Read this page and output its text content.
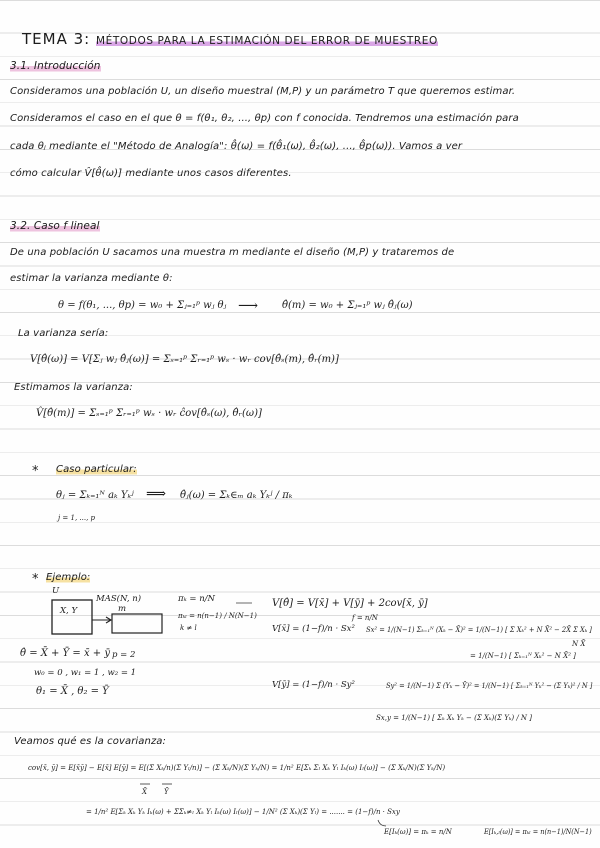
TEMA 3: MÉTODOS PARA LA ESTIMACIÓN DEL ERROR DE MUESTREO
3.1. Introducción
Consideramos una población U, un diseño muestral (M,P) y un parámetro T que queremos estimar.
Consideramos el caso en el que θ = f(θ₁, θ₂, ..., θp) con f conocida. Tendremos una estimación para
cada θⱼ mediante el "Método de Analogía": θ̂(ω) = f(θ̂₁(ω), θ̂₂(ω), ..., θ̂p(ω)). Vamos a ver
cómo calcular V̂[θ̂(ω)] mediante unos casos diferentes.
3.2. Caso f lineal
De una población U sacamos una muestra m mediante el diseño (M,P) y trataremos de
estimar la varianza mediante θ:
θ = f(θ₁, ..., θp) = w₀ + Σⱼ₌₁ᵖ wⱼ θⱼ ⟶ θ̂(m) = w₀ + Σⱼ₌₁ᵖ wⱼ θ̂ⱼ(ω)
La varianza sería:
V[θ̂(ω)] = V[Σⱼ wⱼ θ̂ⱼ(ω)] = Σₛ₌₁ᵖ Σᵣ₌₁ᵖ wₛ · wᵣ cov[θ̂ₛ(m), θ̂ᵣ(m)]
Estimamos la varianza:
V̂[θ̂(m)] = Σₛ₌₁ᵖ Σᵣ₌₁ᵖ wₛ · wᵣ ĉov[θ̂ₛ(ω), θ̂ᵣ(ω)]
* Caso particular:
θⱼ = Σₖ₌₁ᴺ aₖ Yₖʲ
j = 1, ..., p
⟹ θ̂ⱼ(ω) = Σₖ∈ₘ aₖ Yₖʲ / πₖ
* Ejemplo:
U
X, Y
MAS(N, n)
m
πₖ = n/N
πₖₗ = n(n−1) / N(N−1)
k ≠ l
θ̂ = X̄ + Ȳ = x̄ + ȳ p = 2
w₀ = 0 , w₁ = 1 , w₂ = 1
θ₁ = X̄ , θ₂ = Ȳ
V[θ̂] = V[x̄] + V[ȳ] + 2cov[x̄, ȳ]
V[x̄] = (1−f)/n · Sx²
f = n/N
Sx² = 1/(N−1) Σₖ₌₁ᴺ (Xₖ − X̄)² = 1/(N−1) [ Σ Xₖ² + N X̄² − 2X̄ Σ Xₖ ]
= 1/(N−1) [ Σₖ₌₁ᴺ Xₖ² − N X̄² ]
N X̄
V[ȳ] = (1−f)/n · Sy²	Sy² = 1/(N−1) Σ (Yₖ − Ȳ)² = 1/(N−1) [ Σₖ₌₁ᴺ Yₖ² − (Σ Yₖ)² / N ]
Sx,y = 1/(N−1) [ Σₖ Xₖ Yₖ − (Σ Xₖ)(Σ Yₖ) / N ]
Veamos qué es la covarianza:
cov[x̄, ȳ] = E[x̄ȳ] − E[x̄] E[ȳ] = E[(Σ Xₖ/n)(Σ Yₗ/n)] − (Σ Xₖ/N)(Σ Yₖ/N) = 1/n² E[Σₖ Σₗ Xₖ Yₗ Iₖ(ω) Iₗ(ω)] − (Σ Xₖ/N)(Σ Yₖ/N)
X̄ Ȳ
= 1/n² E[Σₖ Xₖ Yₖ Iₖ(ω) + ΣΣₖ≠ₗ Xₖ Yₗ Iₖ(ω) Iₗ(ω)] − 1/N² (Σ Xₖ)(Σ Yₗ) = ....... = (1−f)/n · Sxy
E[Iₖ(ω)] = πₖ = n/N	E[Iₖ,ₗ(ω)] = πₖₗ = n(n−1)/N(N−1)
